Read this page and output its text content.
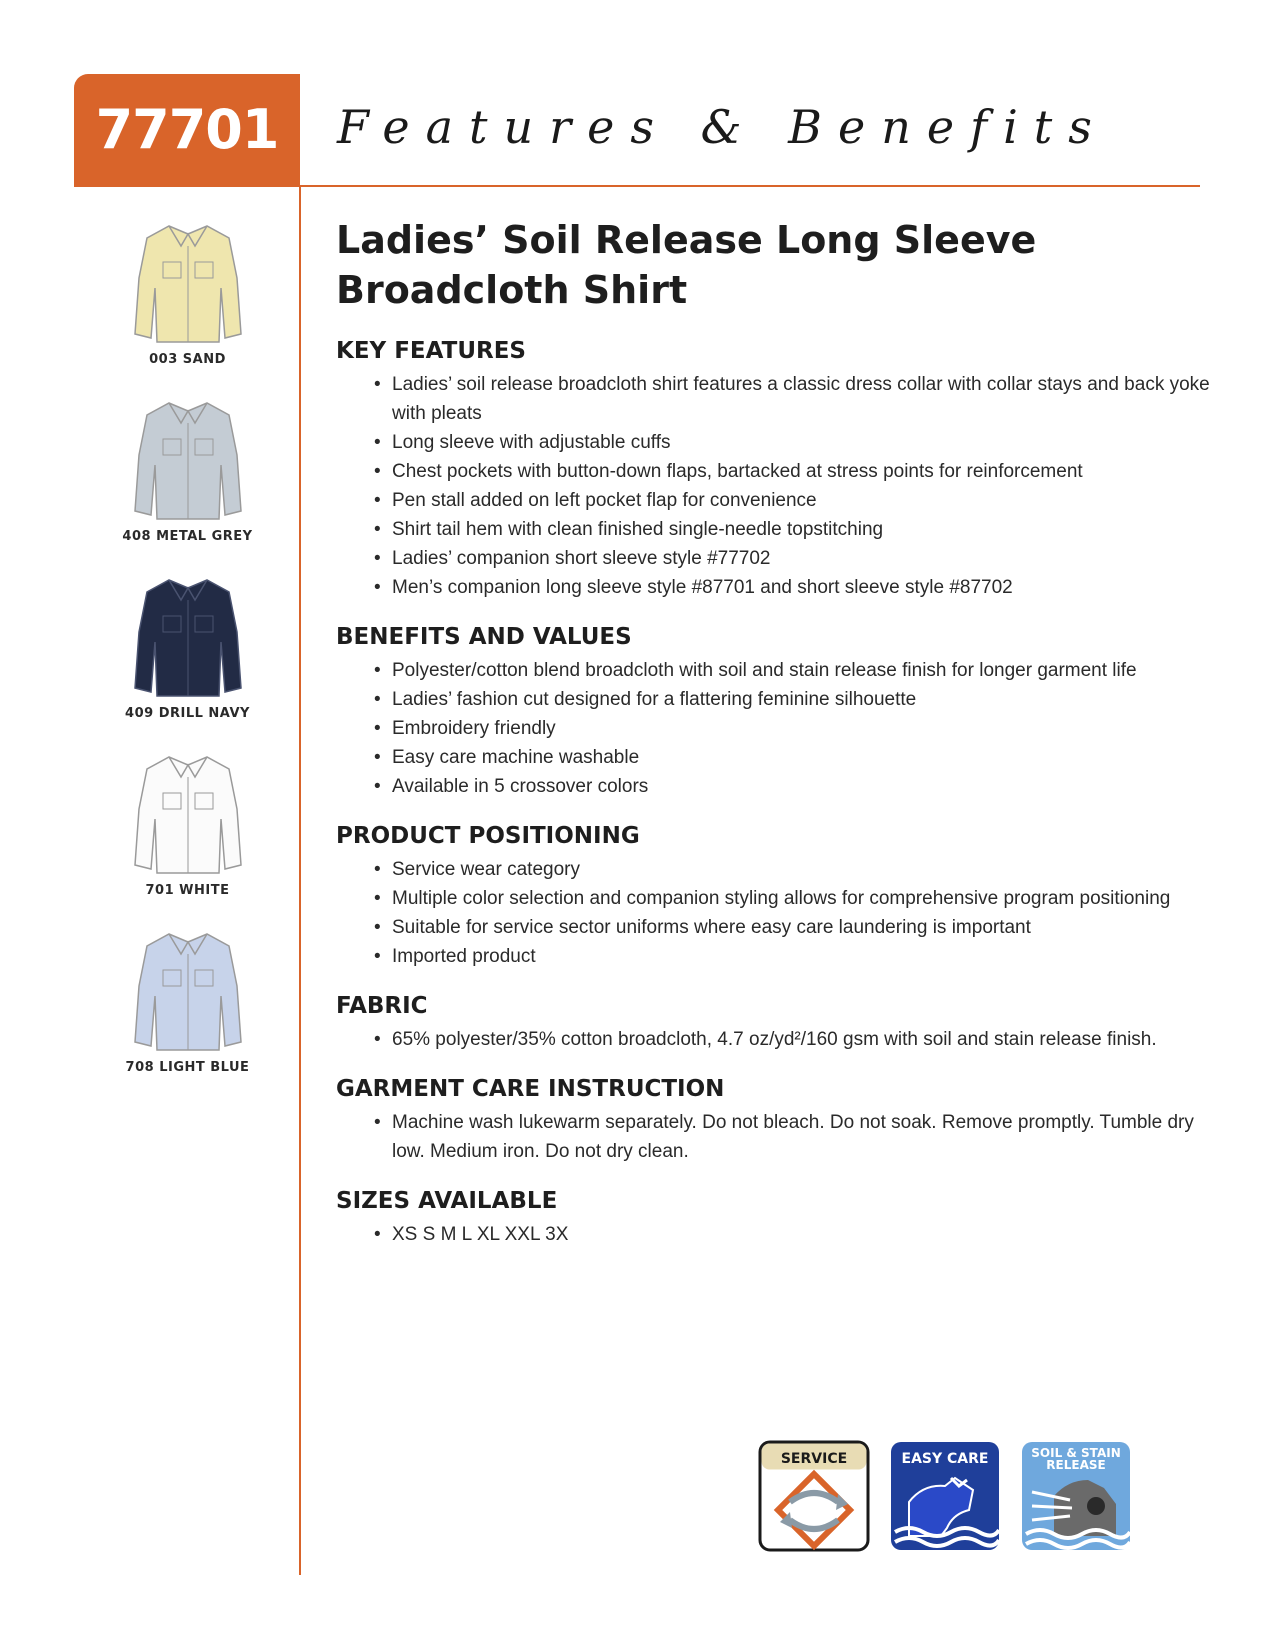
77701	Features & Benefits
003 SAND
408 METAL GREY
409 DRILL NAVY
701 WHITE
708 LIGHT BLUE
Ladies’ Soil Release Long Sleeve
Broadcloth Shirt
KEY FEATURES
• Ladies’ soil release broadcloth shirt features a classic dress collar with collar stays and back yoke with pleats
• Long sleeve with adjustable cuffs
• Chest pockets with button-down flaps, bartacked at stress points for reinforcement
• Pen stall added on left pocket flap for convenience
• Shirt tail hem with clean finished single-needle topstitching
• Ladies’ companion short sleeve style #77702
• Men’s companion long sleeve style #87701 and short sleeve style #87702
BENEFITS AND VALUES
• Polyester/cotton blend broadcloth with soil and stain release finish for longer garment life
• Ladies’ fashion cut designed for a flattering feminine silhouette
• Embroidery friendly
• Easy care machine washable
• Available in 5 crossover colors
PRODUCT POSITIONING
• Service wear category
• Multiple color selection and companion styling allows for comprehensive program positioning
• Suitable for service sector uniforms where easy care laundering is important
• Imported product
FABRIC
• 65% polyester/35% cotton broadcloth, 4.7 oz/yd²/160 gsm with soil and stain release finish.
GARMENT CARE INSTRUCTION
• Machine wash lukewarm separately. Do not bleach. Do not soak. Remove promptly. Tumble dry low. Medium iron. Do not dry clean.
SIZES AVAILABLE
• XS S M L XL XXL 3X
SERVICE	EASY CARE	SOIL & STAIN
RELEASE
